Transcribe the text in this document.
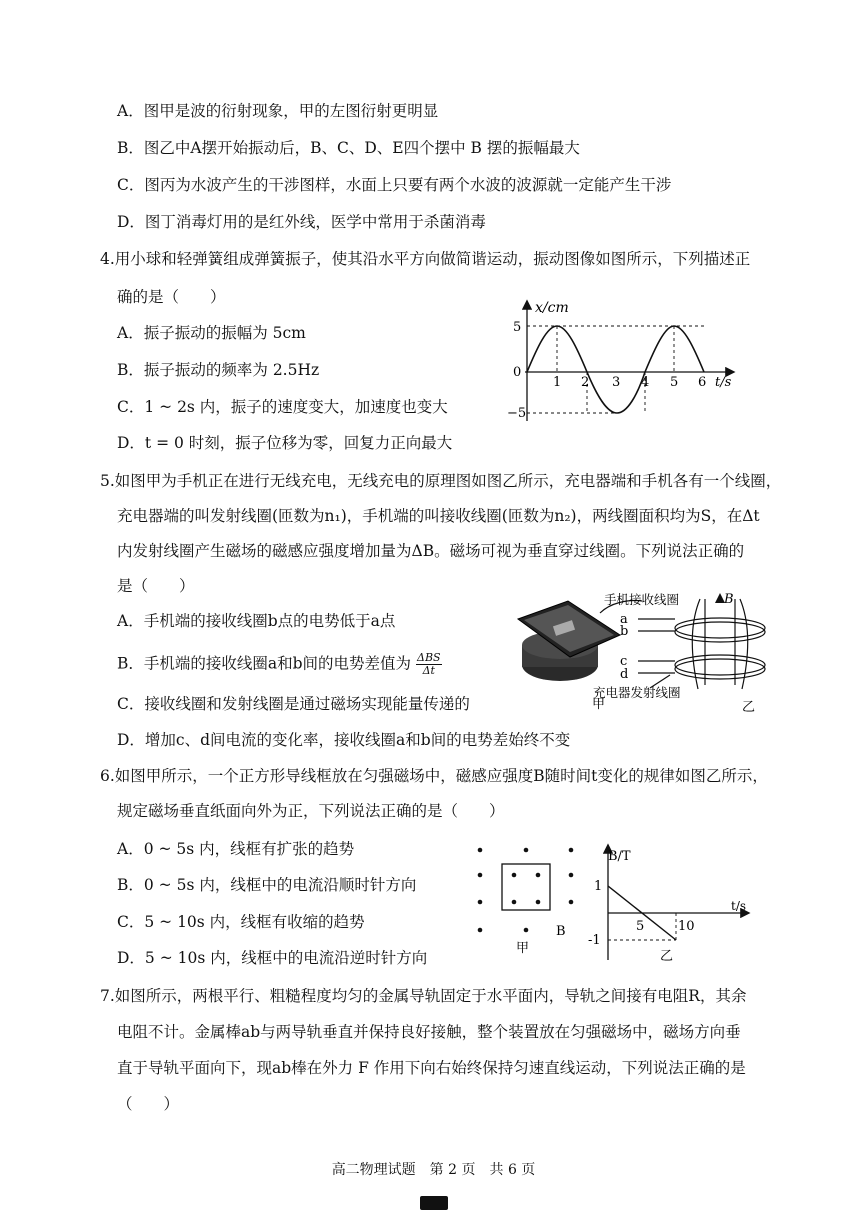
A．图甲是波的衍射现象，甲的左图衍射更明显
B．图乙中A摆开始振动后，B、C、D、E四个摆中 B 摆的振幅最大
C．图丙为水波产生的干涉图样，水面上只要有两个水波的波源就一定能产生干涉
D．图丁消毒灯用的是红外线，医学中常用于杀菌消毒
4.用小球和轻弹簧组成弹簧振子，使其沿水平方向做简谐运动，振动图像如图所示，下列描述正
确的是（　　）
A．振子振动的振幅为 5cm
B．振子振动的频率为 2.5Hz
C．1 ~ 2s 内，振子的速度变大，加速度也变大
D．t = 0 时刻，振子位移为零，回复力正向最大
x/cm
5
0
−5
1 2 3 4 5 6 t/s
5.如图甲为手机正在进行无线充电，无线充电的原理图如图乙所示，充电器端和手机各有一个线圈，
充电器端的叫发射线圈(匝数为n₁)，手机端的叫接收线圈(匝数为n₂)，两线圈面积均为S，在Δt
内发射线圈产生磁场的磁感应强度增加量为ΔB。磁场可视为垂直穿过线圈。下列说法正确的
是（　　）
A．手机端的接收线圈b点的电势低于a点
B．手机端的接收线圈a和b间的电势差值为 ΔBS
Δt
C．接收线圈和发射线圈是通过磁场实现能量传递的
D．增加c、d间电流的变化率，接收线圈a和b间的电势差始终不变
甲
手机接收线圈
充电器发射线圈
B
a
b
c
d
乙
6.如图甲所示，一个正方形导线框放在匀强磁场中，磁感应强度B随时间t变化的规律如图乙所示，
规定磁场垂直纸面向外为正，下列说法正确的是（　　）
A．0 ~ 5s 内，线框有扩张的趋势
B．0 ~ 5s 内，线框中的电流沿顺时针方向
C．5 ~ 10s 内，线框有收缩的趋势
D．5 ~ 10s 内，线框中的电流沿逆时针方向
B
甲
B/T
1
-1
5	10
t/s
乙
7.如图所示，两根平行、粗糙程度均匀的金属导轨固定于水平面内，导轨之间接有电阻R，其余
电阻不计。金属棒ab与两导轨垂直并保持良好接触，整个装置放在匀强磁场中，磁场方向垂
直于导轨平面向下，现ab棒在外力 F 作用下向右始终保持匀速直线运动，下列说法正确的是
（　　）
高二物理试题　第 2 页　共 6 页
